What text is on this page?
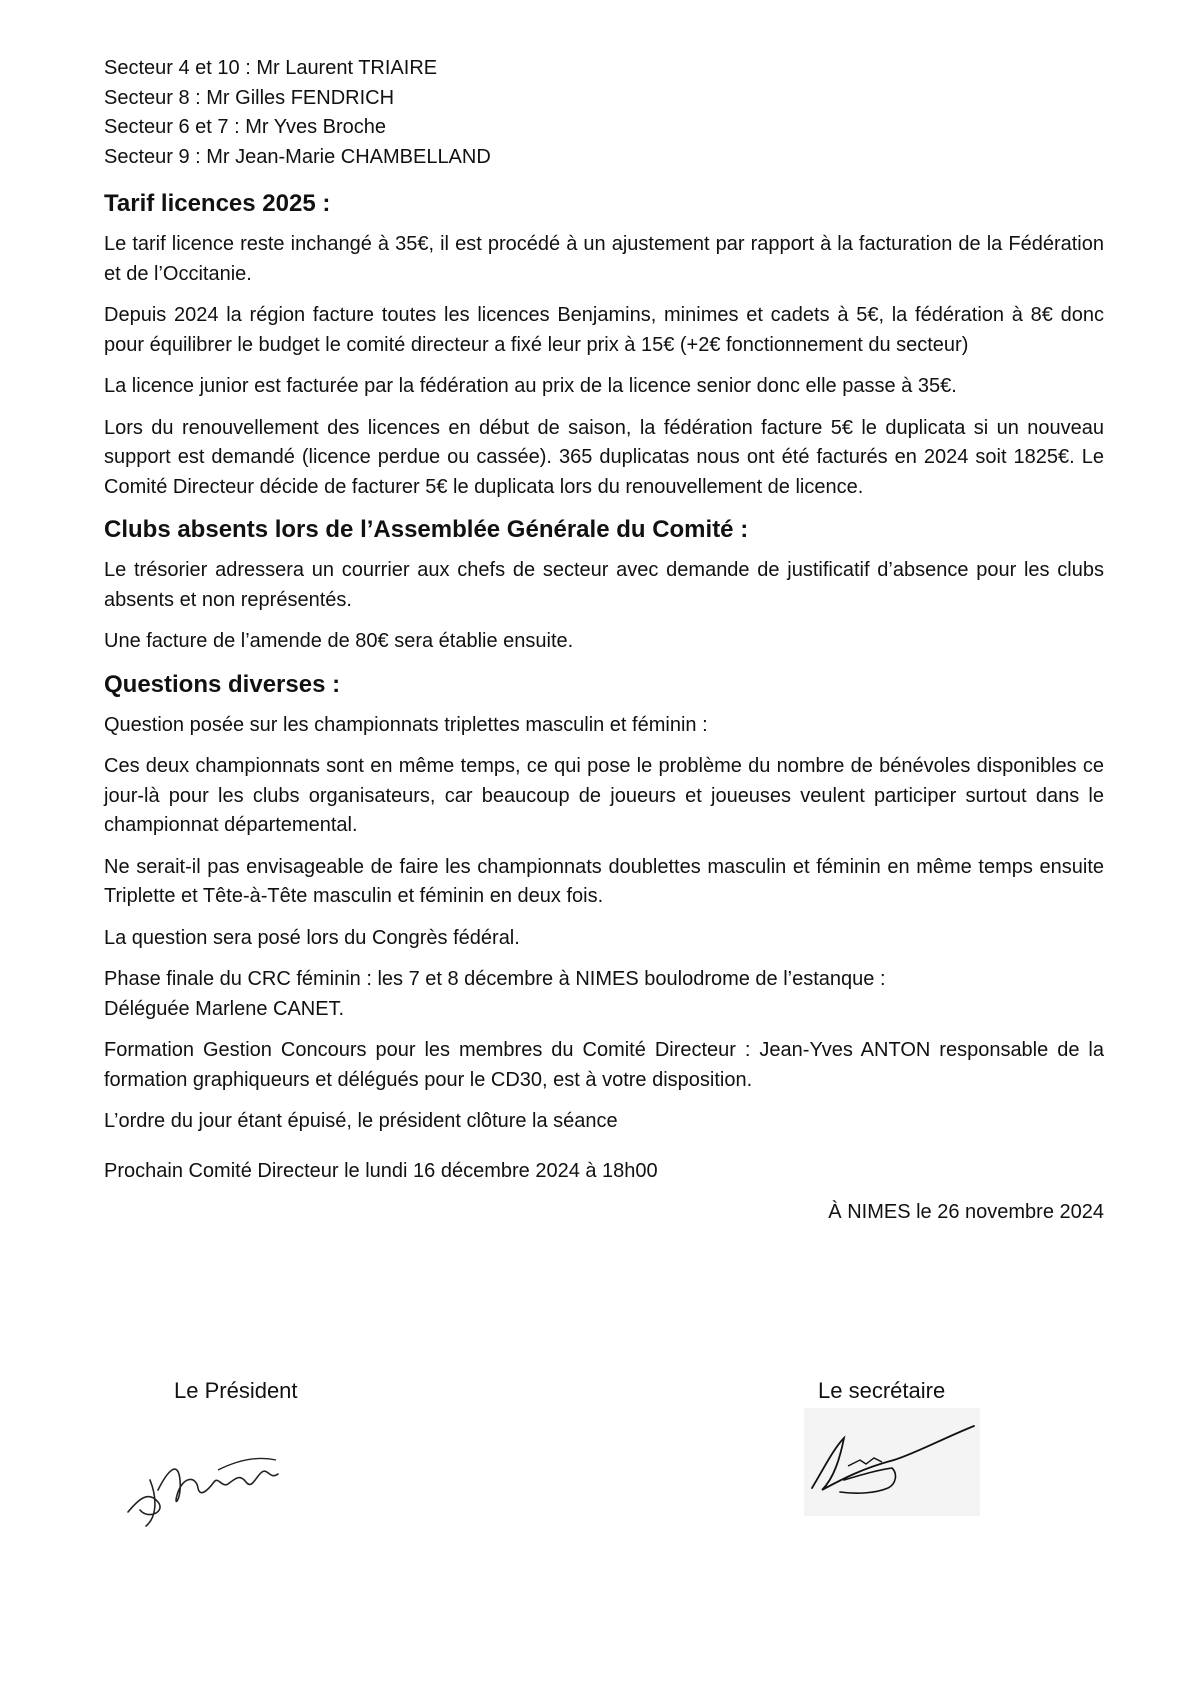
Secteur 4 et 10 : Mr Laurent TRIAIRE
Secteur 8 : Mr Gilles FENDRICH
Secteur 6 et 7 : Mr Yves Broche
Secteur 9 : Mr Jean-Marie CHAMBELLAND
Tarif licences 2025 :

Le tarif licence reste inchangé à 35€, il est procédé à un ajustement par rapport à la facturation de la Fédération et de l’Occitanie.

Depuis 2024 la région facture toutes les licences Benjamins, minimes et cadets à 5€, la fédération à 8€ donc pour équilibrer le budget le comité directeur a fixé leur prix à 15€ (+2€ fonctionnement du secteur)

La licence junior est facturée par la fédération au prix de la licence senior donc elle passe à 35€.

Lors du renouvellement des licences en début de saison, la fédération facture 5€ le duplicata si un nouveau support est demandé (licence perdue ou cassée). 365 duplicatas nous ont été facturés en 2024 soit 1825€. Le Comité Directeur décide de facturer 5€ le duplicata lors du renouvellement de licence.

Clubs absents lors de l’Assemblée Générale du Comité :

Le trésorier adressera un courrier aux chefs de secteur avec demande de justificatif d’absence pour les clubs absents et non représentés.

Une facture de l’amende de 80€ sera établie ensuite.

Questions diverses :

Question posée sur les championnats triplettes masculin et féminin :

Ces deux championnats sont en même temps, ce qui pose le problème du nombre de bénévoles disponibles ce jour-là pour les clubs organisateurs, car beaucoup de joueurs et joueuses veulent participer surtout dans le championnat départemental.

Ne serait-il pas envisageable de faire les championnats doublettes masculin et féminin en même temps ensuite Triplette et Tête-à-Tête masculin et féminin en deux fois.

La question sera posé lors du Congrès fédéral.

Phase finale du CRC féminin : les 7 et 8 décembre à NIMES boulodrome de l’estanque :
Déléguée Marlene CANET.

Formation Gestion Concours pour les membres du Comité Directeur : Jean-Yves ANTON responsable de la formation graphiqueurs et délégués pour le CD30, est à votre disposition.

L’ordre du jour étant épuisé, le président clôture la séance

Prochain Comité Directeur le lundi 16 décembre 2024 à 18h00

À NIMES le 26 novembre 2024
Le Président	Le secrétaire
